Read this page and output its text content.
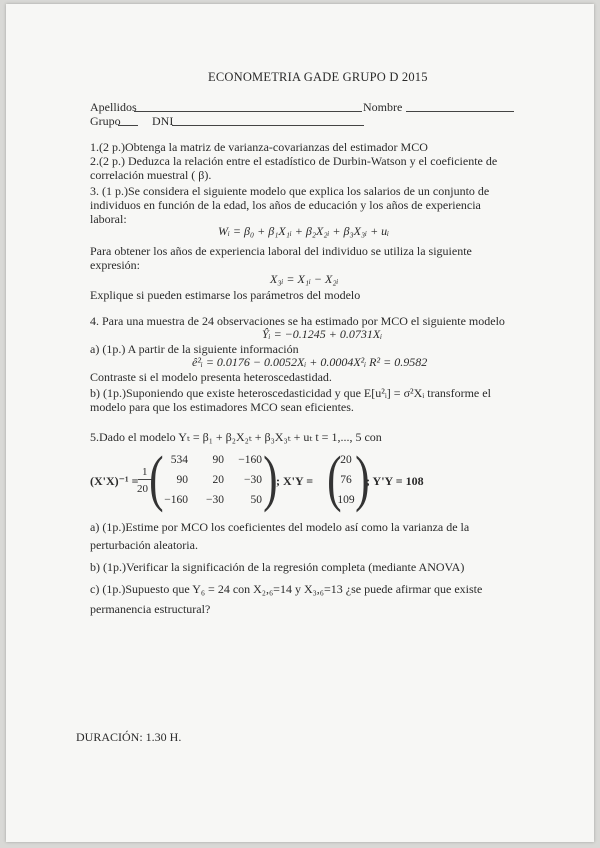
ECONOMETRIA GADE GRUPO D 2015
Apellidos	Nombre
Grupo	DNI
1.(2 p.)Obtenga la matriz de varianza-covarianzas del estimador MCO
2.(2 p.) Deduzca la relación entre el estadístico de Durbin-Watson y el coeficiente de
correlación muestral ( β).
3. (1 p.)Se considera el siguiente modelo que explica los salarios de un conjunto de
individuos en función de la edad, los años de educación y los años de experiencia
laboral:
Wᵢ = β₀ + β₁X₁ᵢ + β₂X₂ᵢ + β₃X₃ᵢ + uᵢ
Para obtener los años de experiencia laboral del individuo se utiliza la siguiente
expresión:
X₃ᵢ = X₁ᵢ − X₂ᵢ
Explique si pueden estimarse los parámetros del modelo
4. Para una muestra de 24 observaciones se ha estimado por MCO el siguiente modelo
Ŷᵢ = −0.1245 + 0.0731Xᵢ
a) (1p.) A partir de la siguiente información
ê²ᵢ = 0.0176 − 0.0052Xᵢ + 0.0004X²ᵢ R² = 0.9582
Contraste si el modelo presenta heteroscedastidad.
b) (1p.)Suponiendo que existe heteroscedasticidad y que E[u²ᵢ] = σ²Xᵢ transforme el
modelo para que los estimadores MCO sean eficientes.
5.Dado el modelo Yₜ = β₁ + β₂X₂ₜ + β₃X₃ₜ + uₜ t = 1,..., 5 con
(X'X)⁻¹ =
1
20 ( 534	90	−160
90	20	−30
−160	−30	50 )
; X'Y = (
20
76
109 )
; Y'Y = 108
a) (1p.)Estime por MCO los coeficientes del modelo así como la varianza de la
perturbación aleatoria.
b) (1p.)Verificar la significación de la regresión completa (mediante ANOVA)
c) (1p.)Supuesto que Y₆ = 24 con X₂,₆=14 y X₃,₆=13 ¿se puede afirmar que existe
permanencia estructural?
DURACIÓN: 1.30 H.
